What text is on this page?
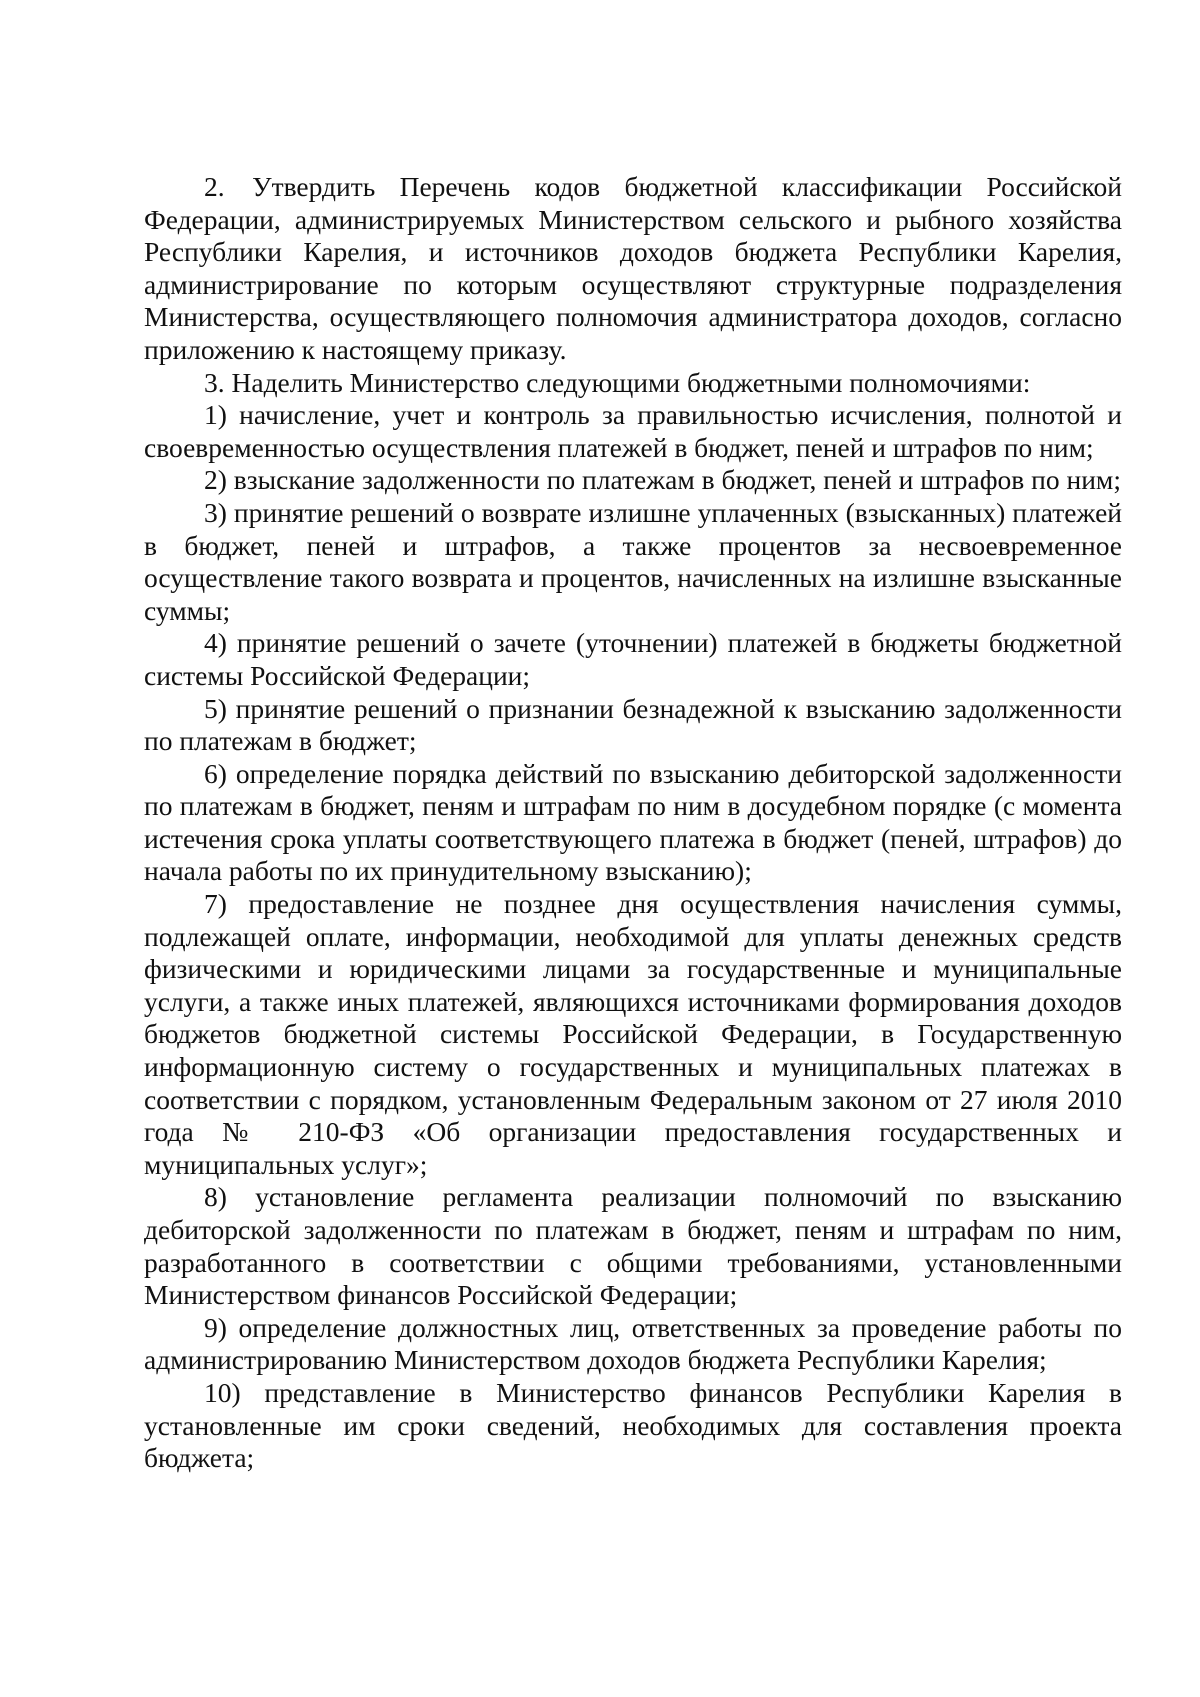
2. Утвердить Перечень кодов бюджетной классификации Российской Федерации, администрируемых Министерством сельского и рыбного хозяйства Республики Карелия, и источников доходов бюджета Республики Карелия, администрирование по которым осуществляют структурные подразделения Министерства, осуществляющего полномочия администратора доходов, согласно приложению к настоящему приказу.

3. Наделить Министерство следующими бюджетными полномочиями:

1) начисление, учет и контроль за правильностью исчисления, полнотой и своевременностью осуществления платежей в бюджет, пеней и штрафов по ним;

2) взыскание задолженности по платежам в бюджет, пеней и штрафов по ним;

3) принятие решений о возврате излишне уплаченных (взысканных) платежей в бюджет, пеней и штрафов, а также процентов за несвоевременное осуществление такого возврата и процентов, начисленных на излишне взысканные суммы;

4) принятие решений о зачете (уточнении) платежей в бюджеты бюджетной системы Российской Федерации;

5) принятие решений о признании безнадежной к взысканию задолженности по платежам в бюджет;

6) определение порядка действий по взысканию дебиторской задолженности по платежам в бюджет, пеням и штрафам по ним в досудебном порядке (с момента истечения срока уплаты соответствующего платежа в бюджет (пеней, штрафов) до начала работы по их принудительному взысканию);

7) предоставление не позднее дня осуществления начисления суммы, подлежащей оплате, информации, необходимой для уплаты денежных средств физическими и юридическими лицами за государственные и муниципальные услуги, а также иных платежей, являющихся источниками формирования доходов бюджетов бюджетной системы Российской Федерации, в Государственную информационную систему о государственных и муниципальных платежах в соответствии с порядком, установленным Федеральным законом от 27 июля 2010 года № 210-ФЗ «Об организации предоставления государственных и муниципальных услуг»;

8) установление регламента реализации полномочий по взысканию дебиторской задолженности по платежам в бюджет, пеням и штрафам по ним, разработанного в соответствии с общими требованиями, установленными Министерством финансов Российской Федерации;

9) определение должностных лиц, ответственных за проведение работы по администрированию Министерством доходов бюджета Республики Карелия;

10) представление в Министерство финансов Республики Карелия в установленные им сроки сведений, необходимых для составления проекта бюджета;
